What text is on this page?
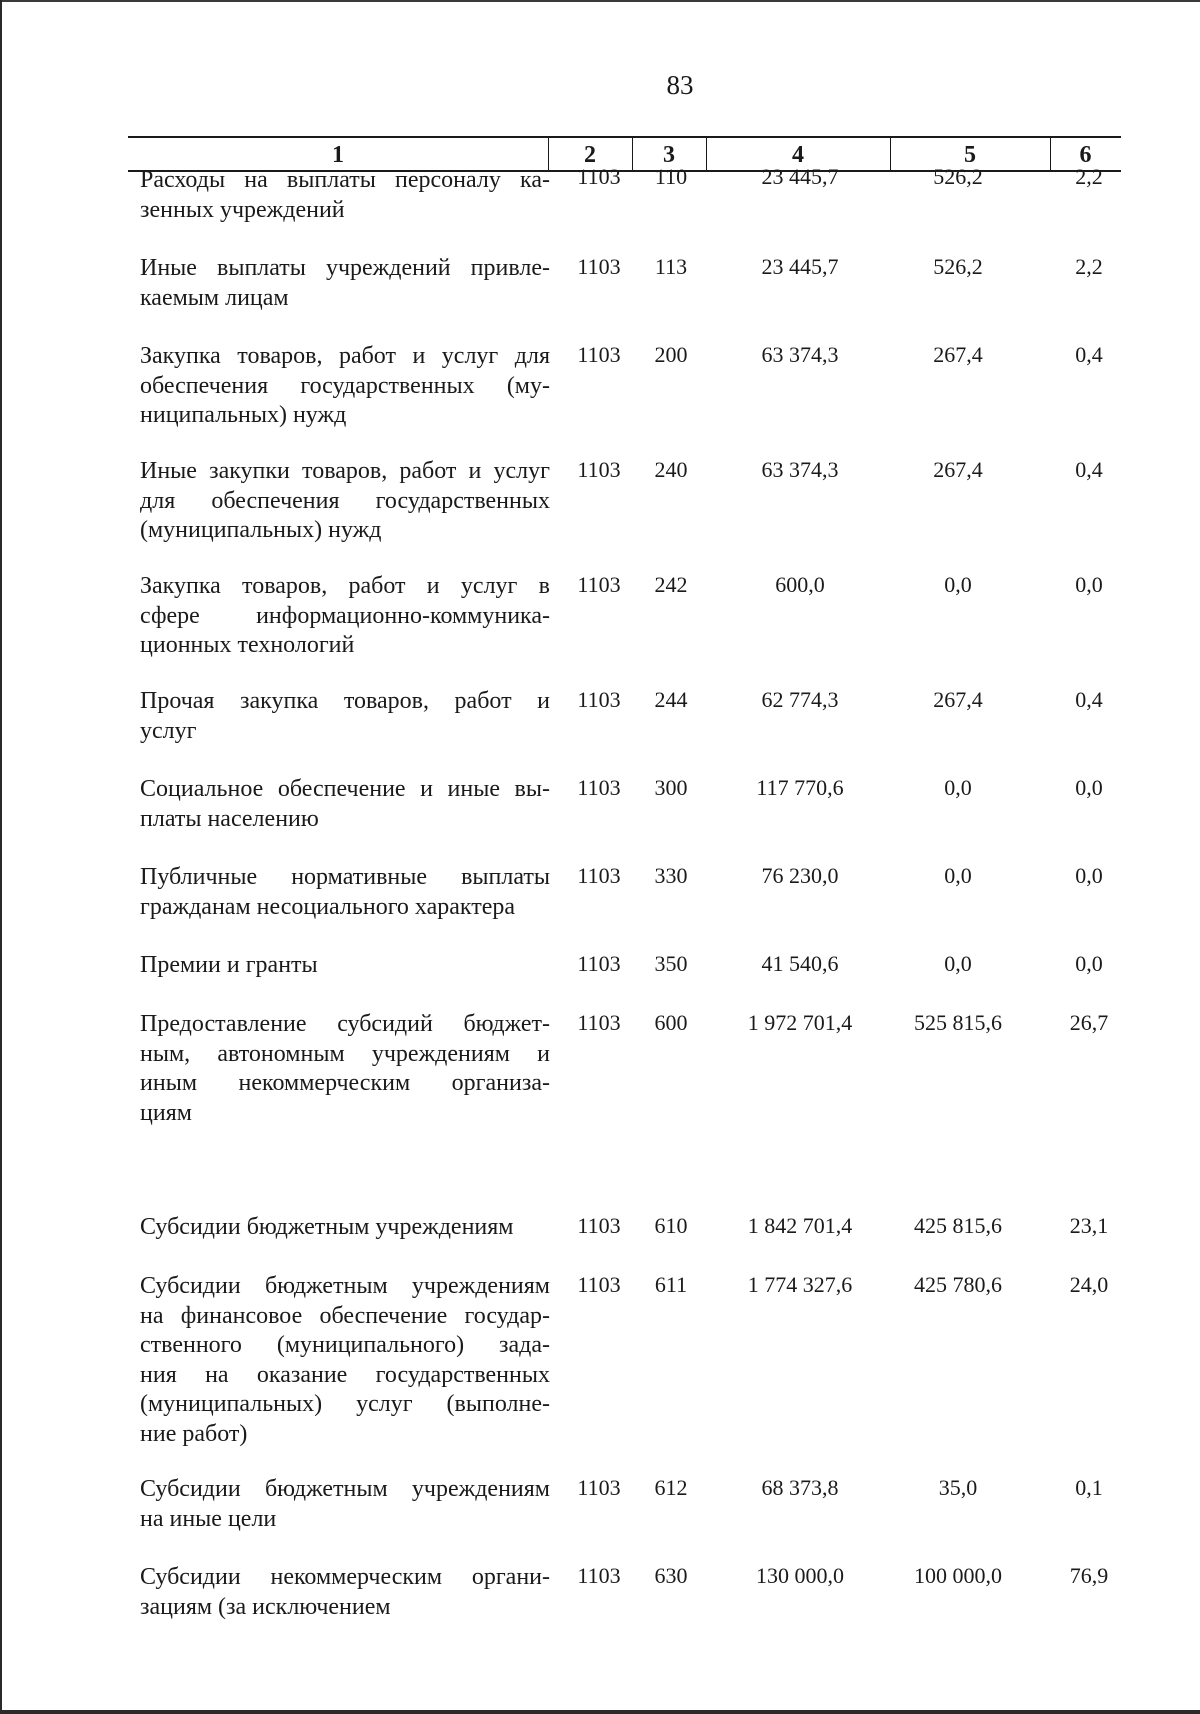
83
1	2	3	4	5	6
Расходы на выплаты персоналу ка-
зенных учреждений
1103	110	23 445,7	526,2	2,2
Иные выплаты учреждений привле-
каемым лицам
1103	113	23 445,7	526,2	2,2
Закупка товаров, работ и услуг для
обеспечения государственных (му-
ниципальных) нужд
1103	200	63 374,3	267,4	0,4
Иные закупки товаров, работ и услуг
для обеспечения государственных
(муниципальных) нужд
1103	240	63 374,3	267,4	0,4
Закупка товаров, работ и услуг в
сфере информационно-коммуника-
ционных технологий
1103	242	600,0	0,0	0,0
Прочая закупка товаров, работ и
услуг
1103	244	62 774,3	267,4	0,4
Социальное обеспечение и иные вы-
платы населению
1103	300	117 770,6	0,0	0,0
Публичные нормативные выплаты
гражданам несоциального характера
1103	330	76 230,0	0,0	0,0
Премии и гранты	1103	350	41 540,6	0,0	0,0
Предоставление субсидий бюджет-
ным, автономным учреждениям и
иным некоммерческим организа-
циям
1103	600	1 972 701,4	525 815,6	26,7
Субсидии бюджетным учреждениям	1103	610	1 842 701,4	425 815,6	23,1
Субсидии бюджетным учреждениям
на финансовое обеспечение государ-
ственного (муниципального) зада-
ния на оказание государственных
(муниципальных) услуг (выполне-
ние работ)
1103	611	1 774 327,6	425 780,6	24,0
Субсидии бюджетным учреждениям
на иные цели
1103	612	68 373,8	35,0	0,1
Субсидии некоммерческим органи-
зациям (за исключением
1103	630	130 000,0	100 000,0	76,9
